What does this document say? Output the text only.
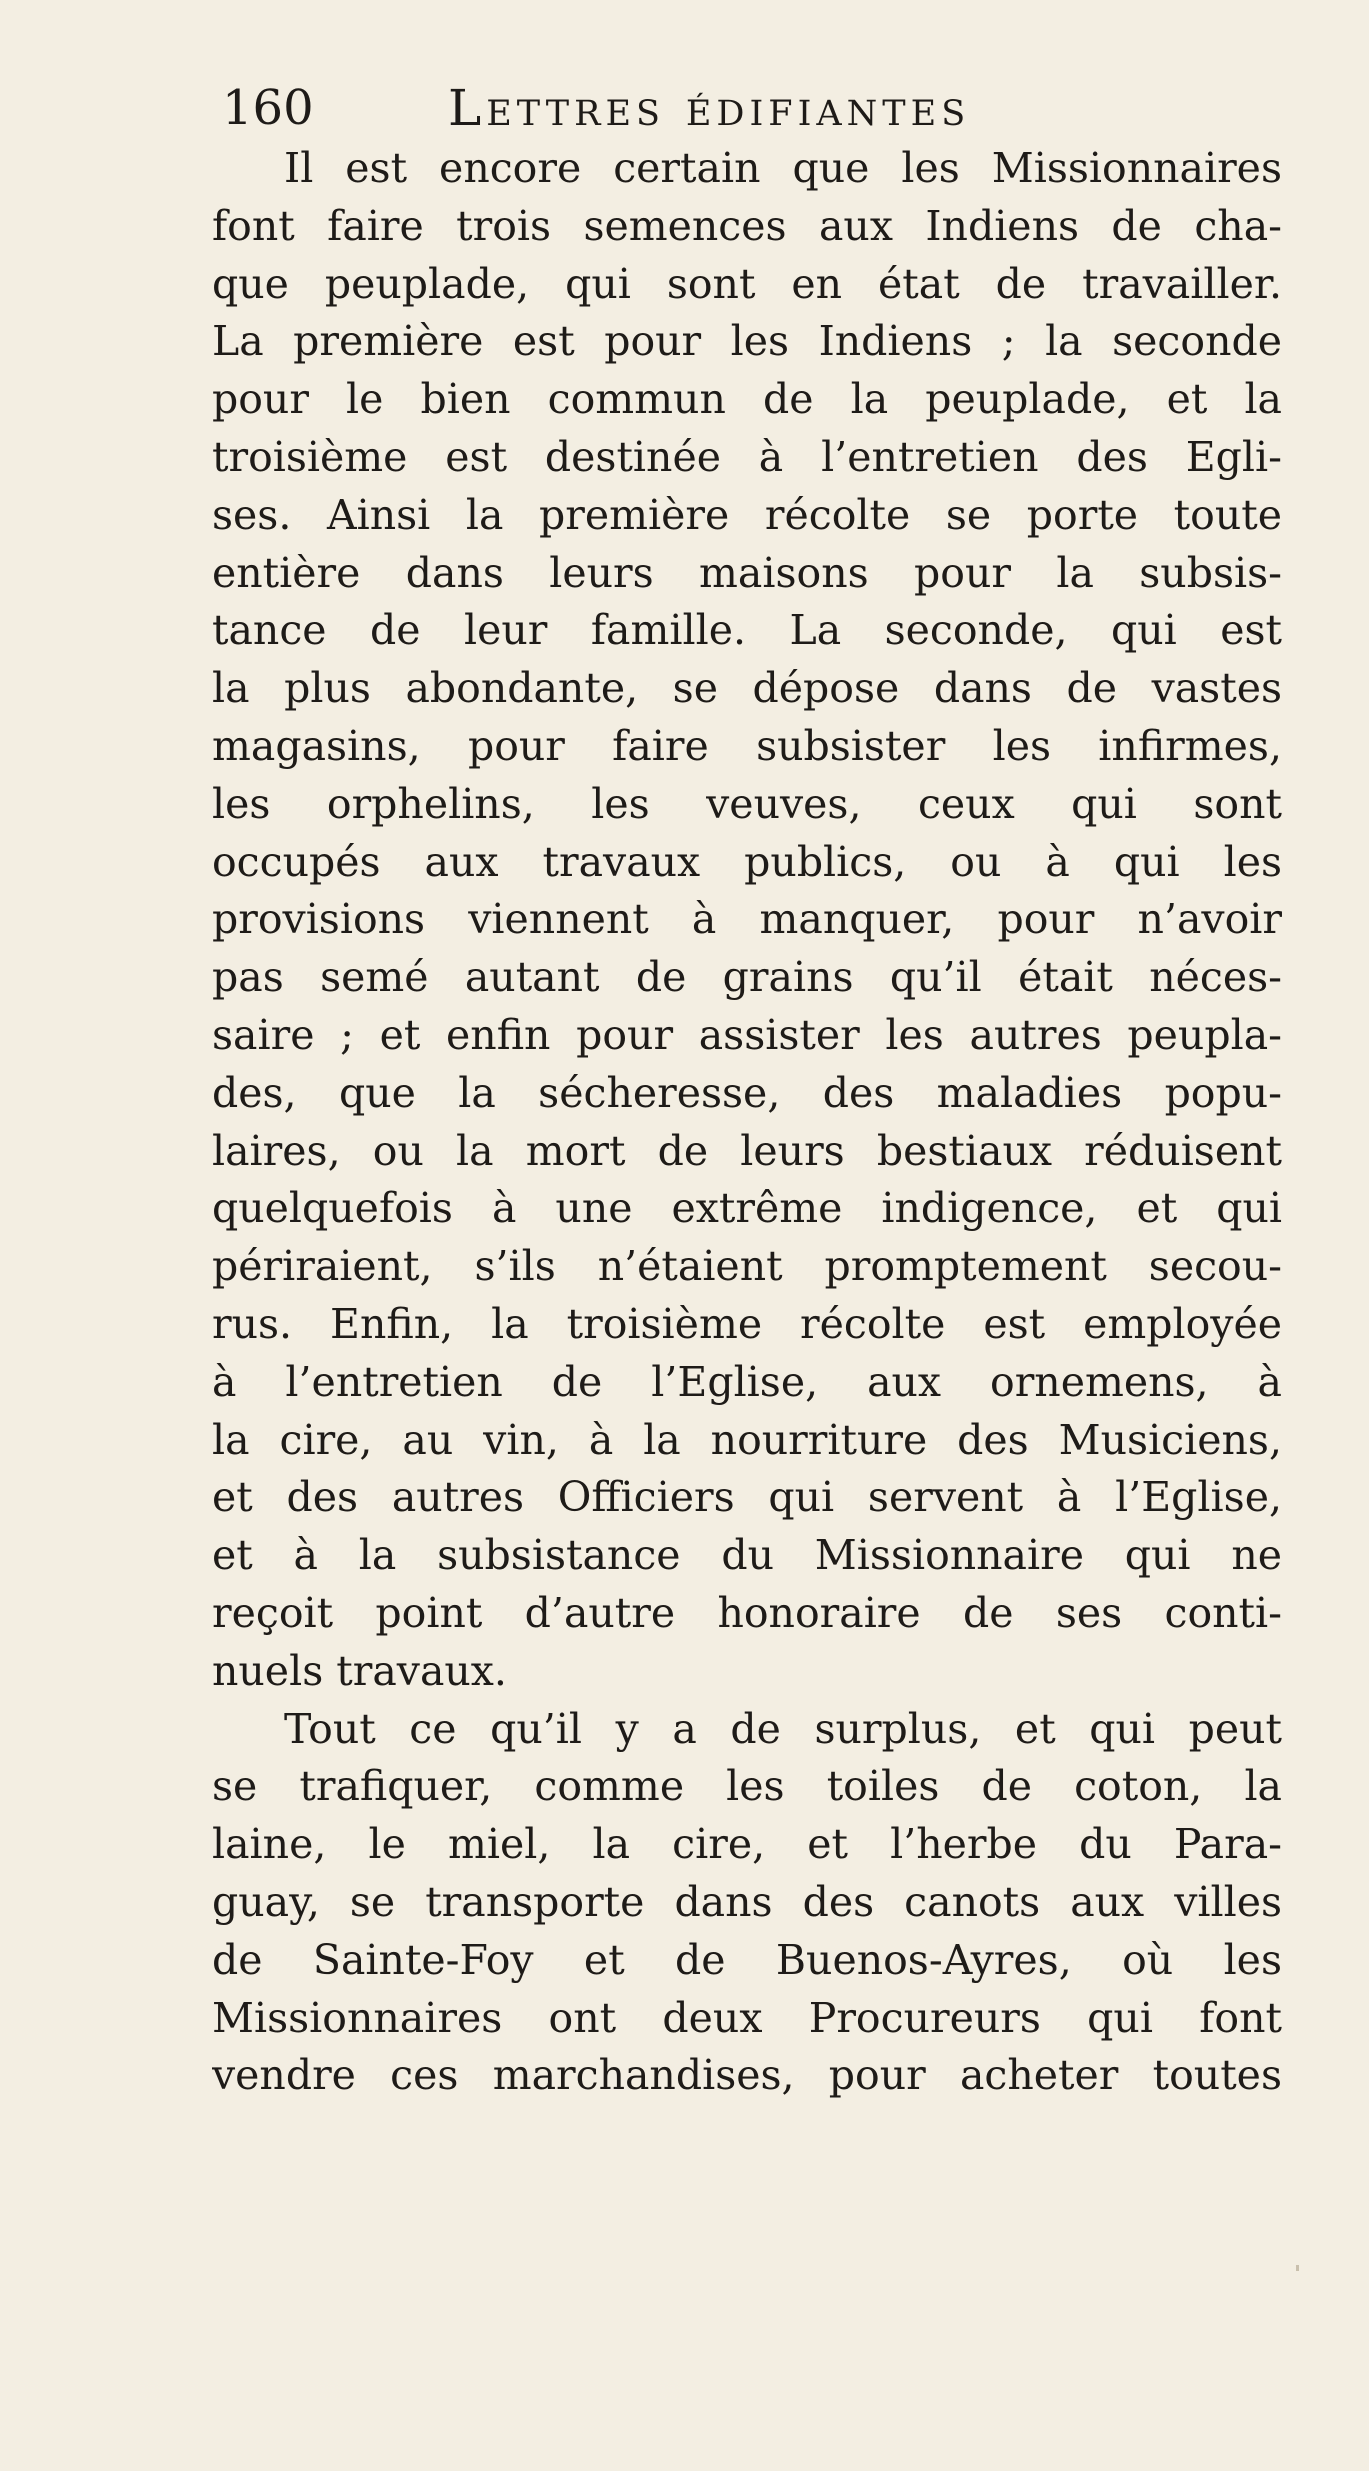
160	Lettres édifiantes
Il est encore certain que les Missionnaires
font faire trois semences aux Indiens de cha-
que peuplade, qui sont en état de travailler.
La première est pour les Indiens ; la seconde
pour le bien commun de la peuplade, et la
troisième est destinée à l’entretien des Egli-
ses. Ainsi la première récolte se porte toute
entière dans leurs maisons pour la subsis-
tance de leur famille. La seconde, qui est
la plus abondante, se dépose dans de vastes
magasins, pour faire subsister les infirmes,
les orphelins, les veuves, ceux qui sont
occupés aux travaux publics, ou à qui les
provisions viennent à manquer, pour n’avoir
pas semé autant de grains qu’il était néces-
saire ; et enfin pour assister les autres peupla-
des, que la sécheresse, des maladies popu-
laires, ou la mort de leurs bestiaux réduisent
quelquefois à une extrême indigence, et qui
périraient, s’ils n’étaient promptement secou-
rus. Enfin, la troisième récolte est employée
à l’entretien de l’Eglise, aux ornemens, à
la cire, au vin, à la nourriture des Musiciens,
et des autres Officiers qui servent à l’Eglise,
et à la subsistance du Missionnaire qui ne
reçoit point d’autre honoraire de ses conti-
nuels travaux.
Tout ce qu’il y a de surplus, et qui peut
se trafiquer, comme les toiles de coton, la
laine, le miel, la cire, et l’herbe du Para-
guay, se transporte dans des canots aux villes
de Sainte-Foy et de Buenos-Ayres, où les
Missionnaires ont deux Procureurs qui font
vendre ces marchandises, pour acheter toutes
